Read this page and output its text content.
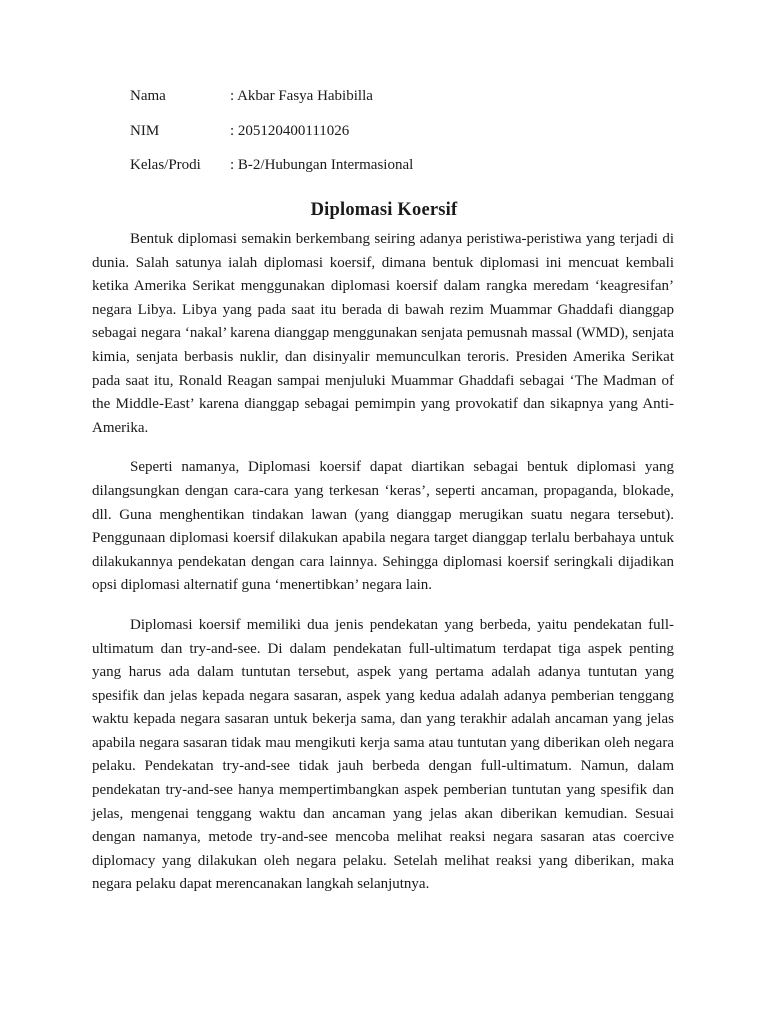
Nama	: Akbar Fasya Habibilla
NIM	: 205120400111026
Kelas/Prodi	: B-2/Hubungan Intermasional
Diplomasi Koersif

Bentuk diplomasi semakin berkembang seiring adanya peristiwa-peristiwa yang terjadi di dunia. Salah satunya ialah diplomasi koersif, dimana bentuk diplomasi ini mencuat kembali ketika Amerika Serikat menggunakan diplomasi koersif dalam rangka meredam ‘keagresifan’ negara Libya. Libya yang pada saat itu berada di bawah rezim Muammar Ghaddafi dianggap sebagai negara ‘nakal’ karena dianggap menggunakan senjata pemusnah massal (WMD), senjata kimia, senjata berbasis nuklir, dan disinyalir memunculkan teroris. Presiden Amerika Serikat pada saat itu, Ronald Reagan sampai menjuluki Muammar Ghaddafi sebagai ‘The Madman of the Middle-East’ karena dianggap sebagai pemimpin yang provokatif dan sikapnya yang Anti-Amerika.

Seperti namanya, Diplomasi koersif dapat diartikan sebagai bentuk diplomasi yang dilangsungkan dengan cara-cara yang terkesan ‘keras’, seperti ancaman, propaganda, blokade, dll. Guna menghentikan tindakan lawan (yang dianggap merugikan suatu negara tersebut). Penggunaan diplomasi koersif dilakukan apabila negara target dianggap terlalu berbahaya untuk dilakukannya pendekatan dengan cara lainnya. Sehingga diplomasi koersif seringkali dijadikan opsi diplomasi alternatif guna ‘menertibkan’ negara lain.

Diplomasi koersif memiliki dua jenis pendekatan yang berbeda, yaitu pendekatan full-ultimatum dan try-and-see. Di dalam pendekatan full-ultimatum terdapat tiga aspek penting yang harus ada dalam tuntutan tersebut, aspek yang pertama adalah adanya tuntutan yang spesifik dan jelas kepada negara sasaran, aspek yang kedua adalah adanya pemberian tenggang waktu kepada negara sasaran untuk bekerja sama, dan yang terakhir adalah ancaman yang jelas apabila negara sasaran tidak mau mengikuti kerja sama atau tuntutan yang diberikan oleh negara pelaku. Pendekatan try-and-see tidak jauh berbeda dengan full-ultimatum. Namun, dalam pendekatan try-and-see hanya mempertimbangkan aspek pemberian tuntutan yang spesifik dan jelas, mengenai tenggang waktu dan ancaman yang jelas akan diberikan kemudian. Sesuai dengan namanya, metode try-and-see mencoba melihat reaksi negara sasaran atas coercive diplomacy yang dilakukan oleh negara pelaku. Setelah melihat reaksi yang diberikan, maka negara pelaku dapat merencanakan langkah selanjutnya.
